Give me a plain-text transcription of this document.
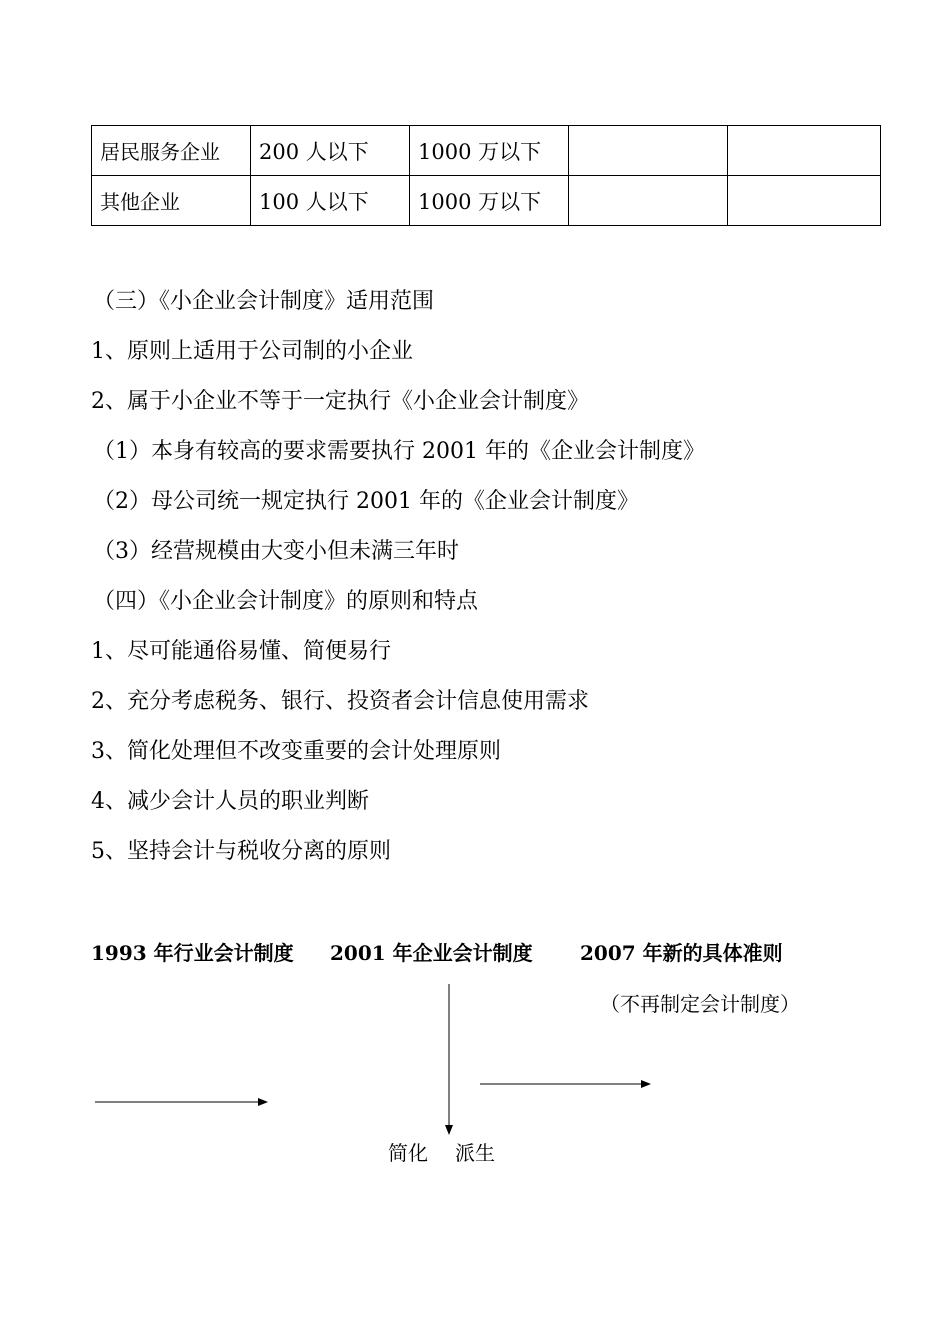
居民服务企业	200 人以下	1000 万以下		
其他企业	100 人以下	1000 万以下		
（三）《小企业会计制度》适用范围
1、原则上适用于公司制的小企业
2、属于小企业不等于一定执行《小企业会计制度》
（1）本身有较高的要求需要执行 2001 年的《企业会计制度》
（2）母公司统一规定执行 2001 年的《企业会计制度》
（3）经营规模由大变小但未满三年时
（四）《小企业会计制度》的原则和特点
1、尽可能通俗易懂、简便易行
2、充分考虑税务、银行、投资者会计信息使用需求
3、简化处理但不改变重要的会计处理原则
4、减少会计人员的职业判断
5、坚持会计与税收分离的原则
1993 年行业会计制度 2001 年企业会计制度 2007 年新的具体准则
（不再制定会计制度）
简化 派生
